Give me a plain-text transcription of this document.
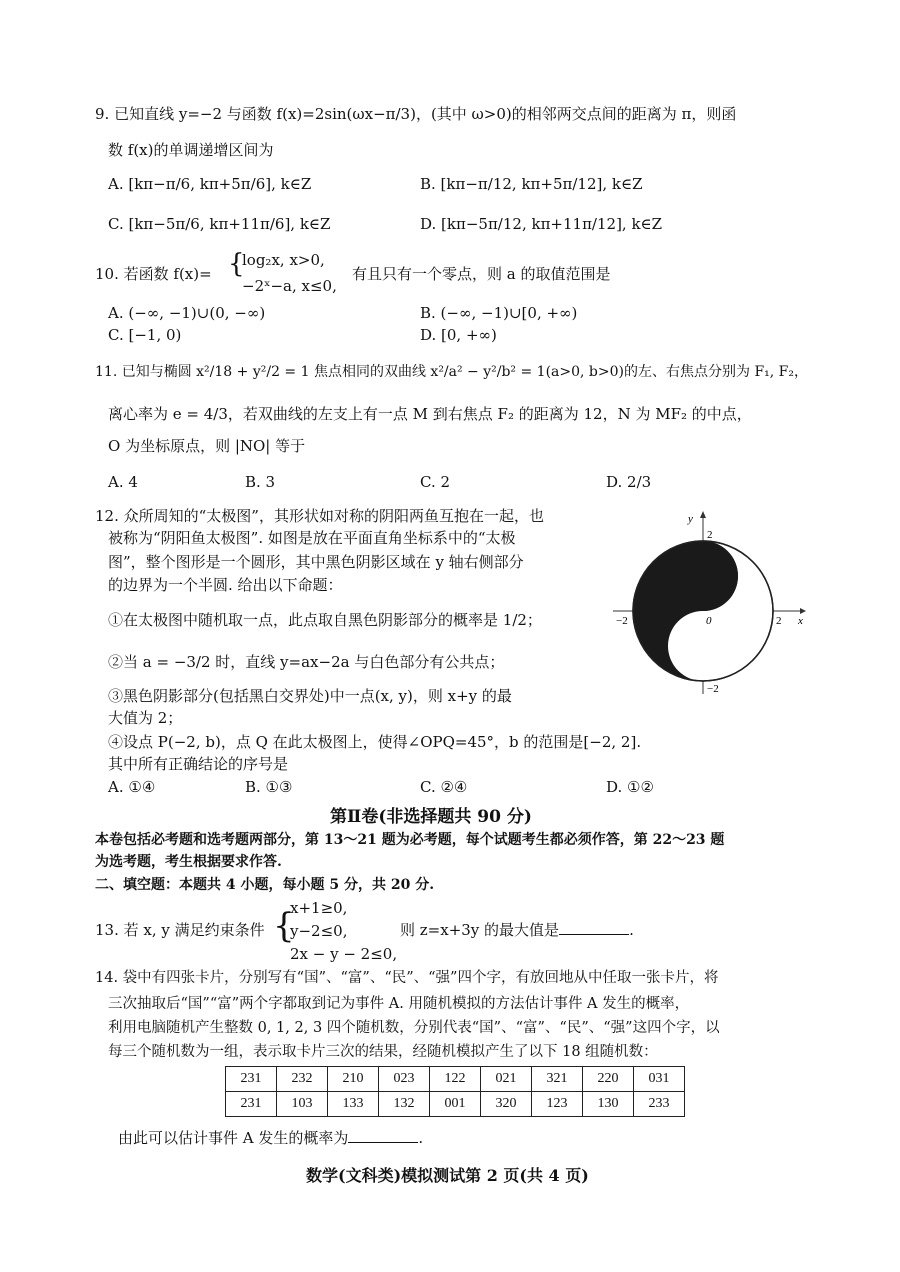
9. 已知直线 y=−2 与函数 f(x)=2sin(ωx−π/3)，(其中 ω>0)的相邻两交点间的距离为 π，则函
数 f(x)的单调递增区间为
A. [kπ−π/6, kπ+5π/6], k∈Z	B. [kπ−π/12, kπ+5π/12], k∈Z
C. [kπ−5π/6, kπ+11π/6], k∈Z	D. [kπ−5π/12, kπ+11π/12], k∈Z
10. 若函数 f(x)= {
log₂x, x>0,
−2ˣ−a, x≤0,
有且只有一个零点，则 a 的取值范围是
A. (−∞, −1)∪(0, −∞)	B. (−∞, −1)∪[0, +∞)
C. [−1, 0)	D. [0, +∞)
11. 已知与椭圆 x²/18 + y²/2 = 1 焦点相同的双曲线 x²/a² − y²/b² = 1(a>0, b>0)的左、右焦点分别为 F₁, F₂，
离心率为 e = 4/3，若双曲线的左支上有一点 M 到右焦点 F₂ 的距离为 12，N 为 MF₂ 的中点，
O 为坐标原点，则 |NO| 等于
A. 4	B. 3	C. 2	D. 2/3
12. 众所周知的“太极图”，其形状如对称的阴阳两鱼互抱在一起，也
被称为“阴阳鱼太极图”. 如图是放在平面直角坐标系中的“太极
图”，整个图形是一个圆形，其中黑色阴影区域在 y 轴右侧部分
的边界为一个半圆. 给出以下命题：
①在太极图中随机取一点，此点取自黑色阴影部分的概率是 1/2；
②当 a = −3/2 时，直线 y=ax−2a 与白色部分有公共点；
③黑色阴影部分(包括黑白交界处)中一点(x, y)，则 x+y 的最
大值为 2；
④设点 P(−2, b)，点 Q 在此太极图上，使得∠OPQ=45°，b 的范围是[−2, 2].
其中所有正确结论的序号是
A. ①④	B. ①③	C. ②④	D. ①②
y
x
2
−2	0	2
−2
第Ⅱ卷(非选择题共 90 分)
本卷包括必考题和选考题两部分，第 13～21 题为必考题，每个试题考生都必须作答，第 22～23 题
为选考题，考生根据要求作答.
二、填空题：本题共 4 小题，每小题 5 分，共 20 分.
13. 若 x, y 满足约束条件 {
x+1≥0,
y−2≤0,
2x − y − 2≤0,
则 z=x+3y 的最大值是	.
14. 袋中有四张卡片，分别写有“国”、“富”、“民”、“强”四个字，有放回地从中任取一张卡片，将
三次抽取后“国”“富”两个字都取到记为事件 A. 用随机模拟的方法估计事件 A 发生的概率，
利用电脑随机产生整数 0, 1, 2, 3 四个随机数，分别代表“国”、“富”、“民”、“强”这四个字，以
每三个随机数为一组，表示取卡片三次的结果，经随机模拟产生了以下 18 组随机数：
231	232	210	023	122	021	321	220	031
231	103	133	132	001	320	123	130	233
由此可以估计事件 A 发生的概率为	.
数学(文科类)模拟测试第 2 页(共 4 页)
